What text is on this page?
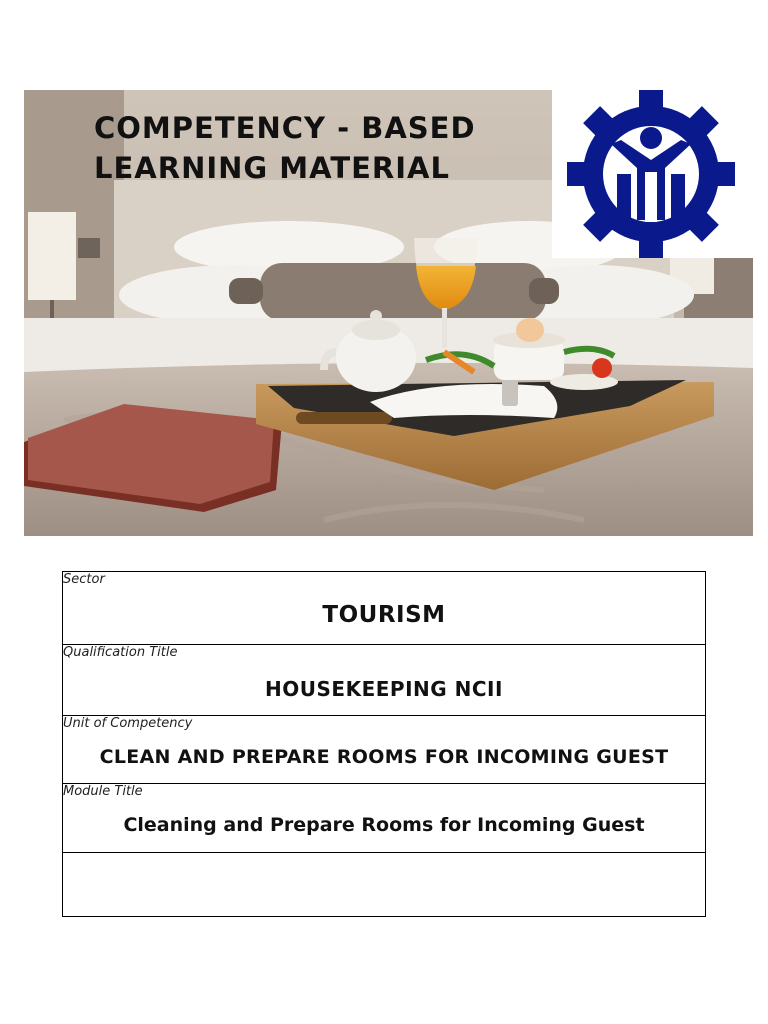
COMPETENCY - BASED
LEARNING MATERIAL
Sector
TOURISM

Qualification Title
HOUSEKEEPING NCII

Unit of Competency
CLEAN AND PREPARE ROOMS FOR INCOMING GUEST

Module Title
Cleaning and Prepare Rooms for Incoming Guest
